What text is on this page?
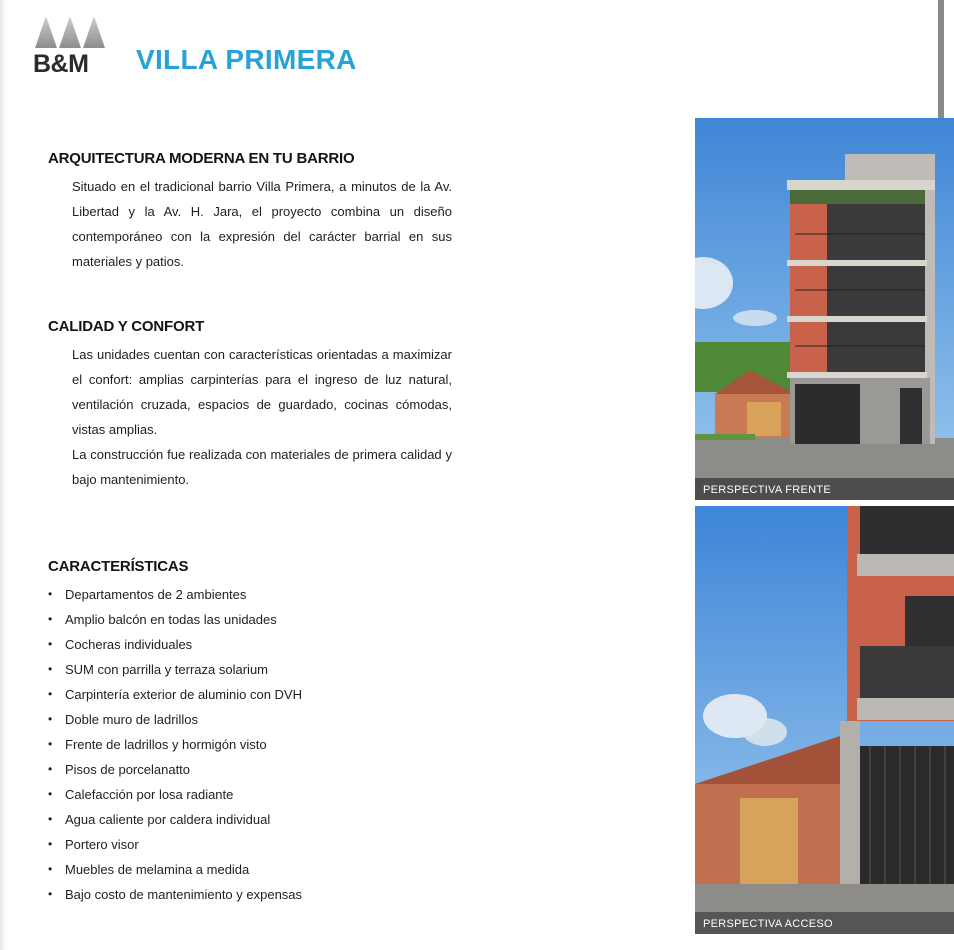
B&M VILLA PRIMERA
ARQUITECTURA MODERNA EN TU BARRIO

Situado en el tradicional barrio Villa Primera, a minutos de la Av. Libertad y la Av. H. Jara, el proyecto combina un diseño contemporáneo con la expresión del carácter barrial en sus materiales y patios.

CALIDAD Y CONFORT

Las unidades cuentan con características orientadas a maximizar el confort: amplias carpinterías para el ingreso de luz natural, ventilación cruzada, espacios de guardado, cocinas cómodas, vistas amplias.

La construcción fue realizada con materiales de primera calidad y bajo mantenimiento.

CARACTERÍSTICAS
• Departamentos de 2 ambientes
• Amplio balcón en todas las unidades
• Cocheras individuales
• SUM con parrilla y terraza solarium
• Carpintería exterior de aluminio con DVH
• Doble muro de ladrillos
• Frente de ladrillos y hormigón visto
• Pisos de porcelanatto
• Calefacción por losa radiante
• Agua caliente por caldera individual
• Portero visor
• Muebles de melamina a medida
• Bajo costo de mantenimiento y expensas
PERSPECTIVA FRENTE
PERSPECTIVA ACCESO
